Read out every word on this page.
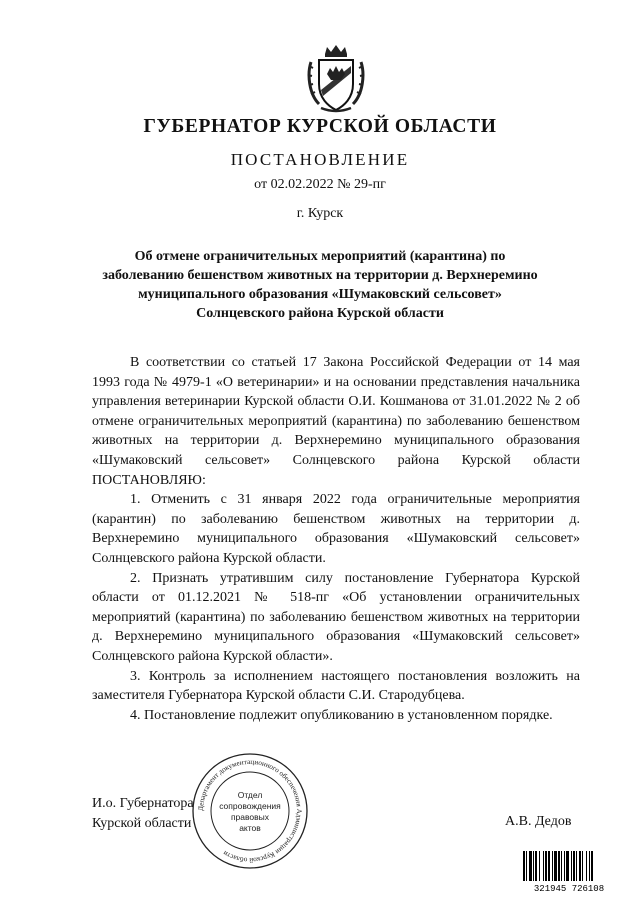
ГУБЕРНАТОР КУРСКОЙ ОБЛАСТИ
ПОСТАНОВЛЕНИЕ
от 02.02.2022 № 29-пг
г. Курск
Об отмене ограничительных мероприятий (карантина) по
заболеванию бешенством животных на территории д. Верхнеремино
муниципального образования «Шумаковский сельсовет»
Солнцевского района Курской области

В соответствии со статьей 17 Закона Российской Федерации от 14 мая 1993 года № 4979-1 «О ветеринарии» и на основании представления начальника управления ветеринарии Курской области О.И. Кошманова от 31.01.2022 № 2 об отмене ограничительных мероприятий (карантина) по заболеванию бешенством животных на территории д. Верхнеремино муниципального образования «Шумаковский сельсовет» Солнцевского района Курской области ПОСТАНОВЛЯЮ:

1. Отменить с 31 января 2022 года ограничительные мероприятия (карантин) по заболеванию бешенством животных на территории д. Верхнеремино муниципального образования «Шумаковский сельсовет» Солнцевского района Курской области.

2. Признать утратившим силу постановление Губернатора Курской области от 01.12.2021 № 518-пг «Об установлении ограничительных мероприятий (карантина) по заболеванию бешенством животных на территории д. Верхнеремино муниципального образования «Шумаковский сельсовет» Солнцевского района Курской области».

3. Контроль за исполнением настоящего постановления возложить на заместителя Губернатора Курской области С.И. Стародубцева.

4. Постановление подлежит опубликованию в установленном порядке.

И.о. Губернатора
Курской области	А.В. Дедов
Департамент документационного обеспечения Администрации Курской области
Отдел
сопровождения
правовых
актов
321945 726108
